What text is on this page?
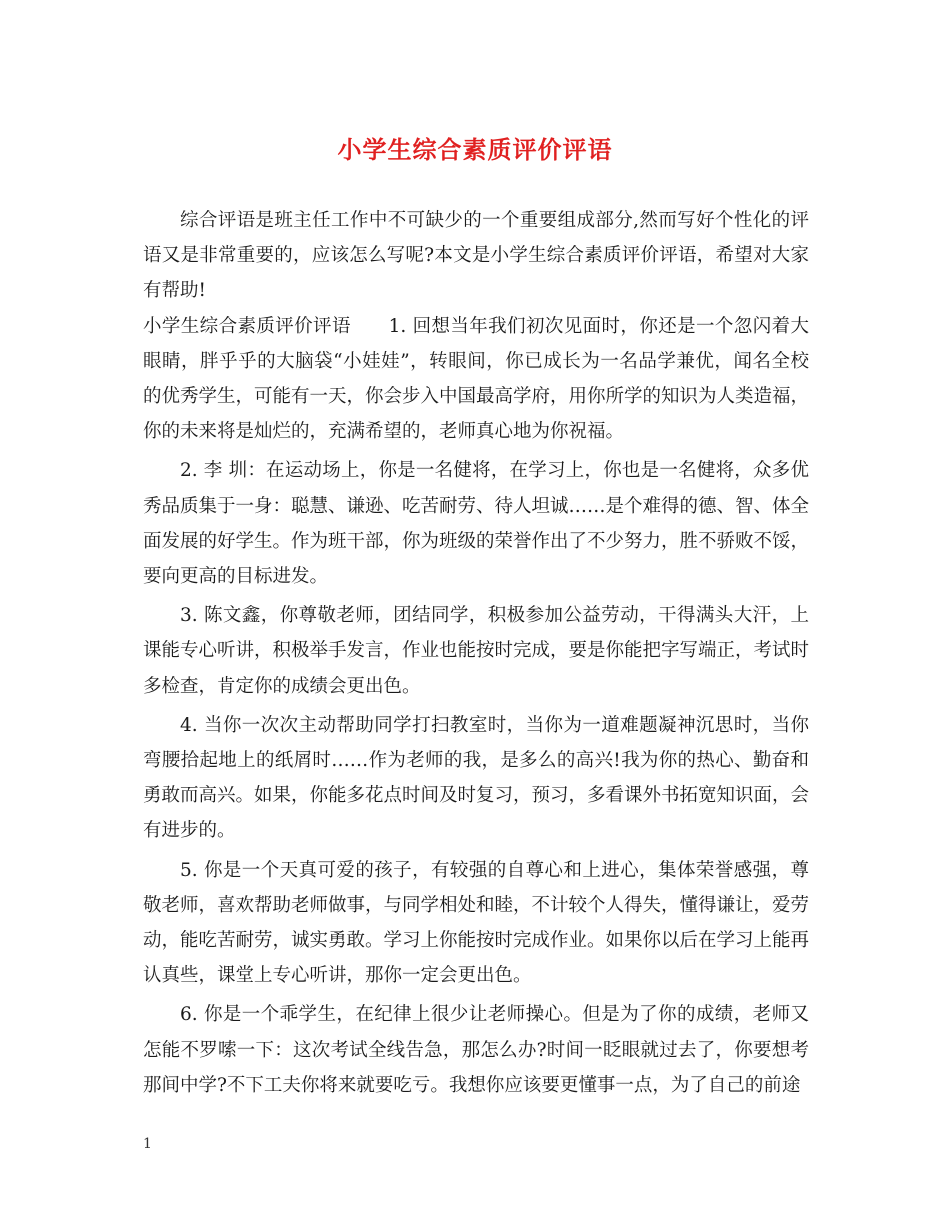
小学生综合素质评价评语

综合评语是班主任工作中不可缺少的一个重要组成部分,然而写好个性化的评语又是非常重要的，应该怎么写呢?本文是小学生综合素质评价评语，希望对大家有帮助!

小学生综合素质评价评语　　1. 回想当年我们初次见面时，你还是一个忽闪着大眼睛，胖乎乎的大脑袋“小娃娃”，转眼间，你已成长为一名品学兼优，闻名全校的优秀学生，可能有一天，你会步入中国最高学府，用你所学的知识为人类造福，你的未来将是灿烂的，充满希望的，老师真心地为你祝福。

2. 李 圳：在运动场上，你是一名健将，在学习上，你也是一名健将，众多优秀品质集于一身：聪慧、谦逊、吃苦耐劳、待人坦诚……是个难得的德、智、体全面发展的好学生。作为班干部，你为班级的荣誉作出了不少努力，胜不骄败不馁，要向更高的目标进发。

3. 陈文鑫，你尊敬老师，团结同学，积极参加公益劳动，干得满头大汗，上课能专心听讲，积极举手发言，作业也能按时完成，要是你能把字写端正，考试时多检查，肯定你的成绩会更出色。

4. 当你一次次主动帮助同学打扫教室时，当你为一道难题凝神沉思时，当你弯腰拾起地上的纸屑时……作为老师的我，是多么的高兴!我为你的热心、勤奋和勇敢而高兴。如果，你能多花点时间及时复习，预习，多看课外书拓宽知识面，会有进步的。

5. 你是一个天真可爱的孩子，有较强的自尊心和上进心，集体荣誉感强，尊敬老师，喜欢帮助老师做事，与同学相处和睦，不计较个人得失，懂得谦让，爱劳动，能吃苦耐劳，诚实勇敢。学习上你能按时完成作业。如果你以后在学习上能再认真些，课堂上专心听讲，那你一定会更出色。

6. 你是一个乖学生，在纪律上很少让老师操心。但是为了你的成绩，老师又怎能不罗嗦一下：这次考试全线告急，那怎么办?时间一眨眼就过去了，你要想考那间中学?不下工夫你将来就要吃亏。我想你应该要更懂事一点，为了自己的前途

1
